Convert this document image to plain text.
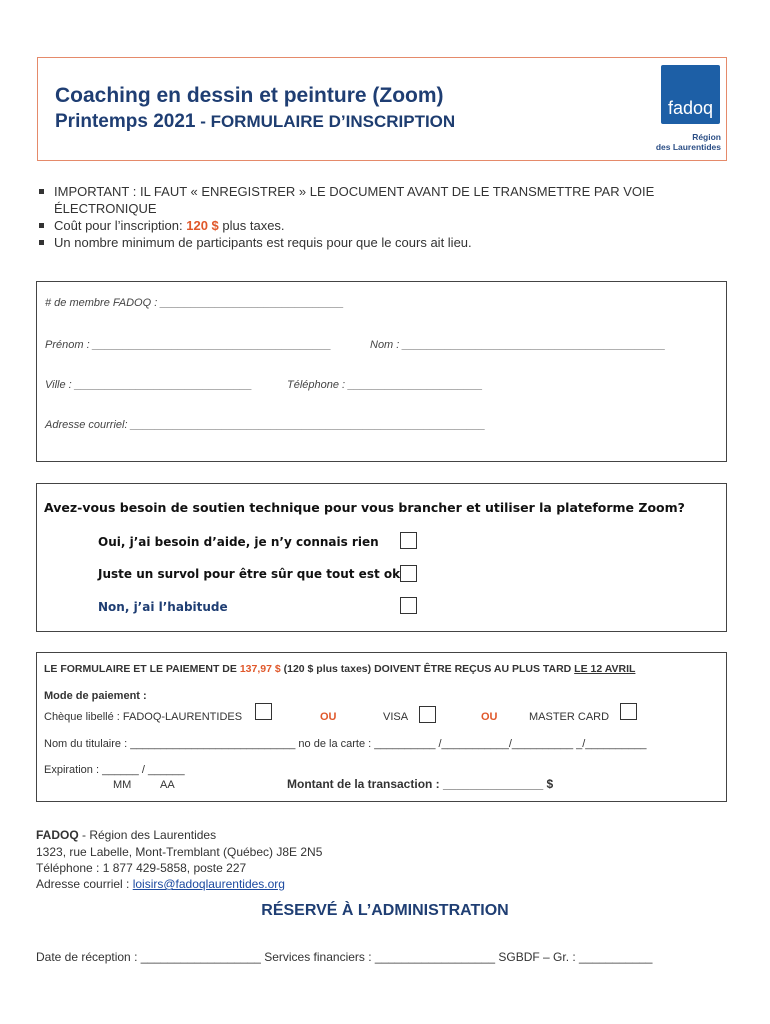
Coaching en dessin et peinture (Zoom)
Printemps 2021 - FORMULAIRE D’INSCRIPTION
fadoq
Région
des Laurentides
IMPORTANT : IL FAUT « ENREGISTRER » LE DOCUMENT AVANT DE LE TRANSMETTRE PAR VOIE
ÉLECTRONIQUE
Coût pour l’inscription: 120 $ plus taxes.
Un nombre minimum de participants est requis pour que le cours ait lieu.
# de membre FADOQ : ______________________________
Prénom : _______________________________________	Nom : ___________________________________________
Ville : _____________________________	Téléphone : ______________________
Adresse courriel: __________________________________________________________
Avez-vous besoin de soutien technique pour vous brancher et utiliser la plateforme Zoom?
Oui, j’ai besoin d’aide, je n’y connais rien
Juste un survol pour être sûr que tout est ok
Non, j’ai l’habitude
LE FORMULAIRE ET LE PAIEMENT DE 137,97 $ (120 $ plus taxes) DOIVENT ÊTRE REÇUS AU PLUS TARD LE 12 AVRIL
Mode de paiement :
Chèque libellé : FADOQ-LAURENTIDES	OU	VISA	OU	MASTER CARD
Nom du titulaire : ___________________________ no de la carte : __________ /___________/__________ _/__________
Expiration : ______ / ______
MM	AA	Montant de la transaction : _______________ $
FADOQ - Région des Laurentides
1323, rue Labelle, Mont-Tremblant (Québec) J8E 2N5
Téléphone : 1 877 429-5858, poste 227
Adresse courriel : loisirs@fadoqlaurentides.org
RÉSERVÉ À L’ADMINISTRATION
Date de réception : __________________ Services financiers : __________________ SGBDF – Gr. : ___________
